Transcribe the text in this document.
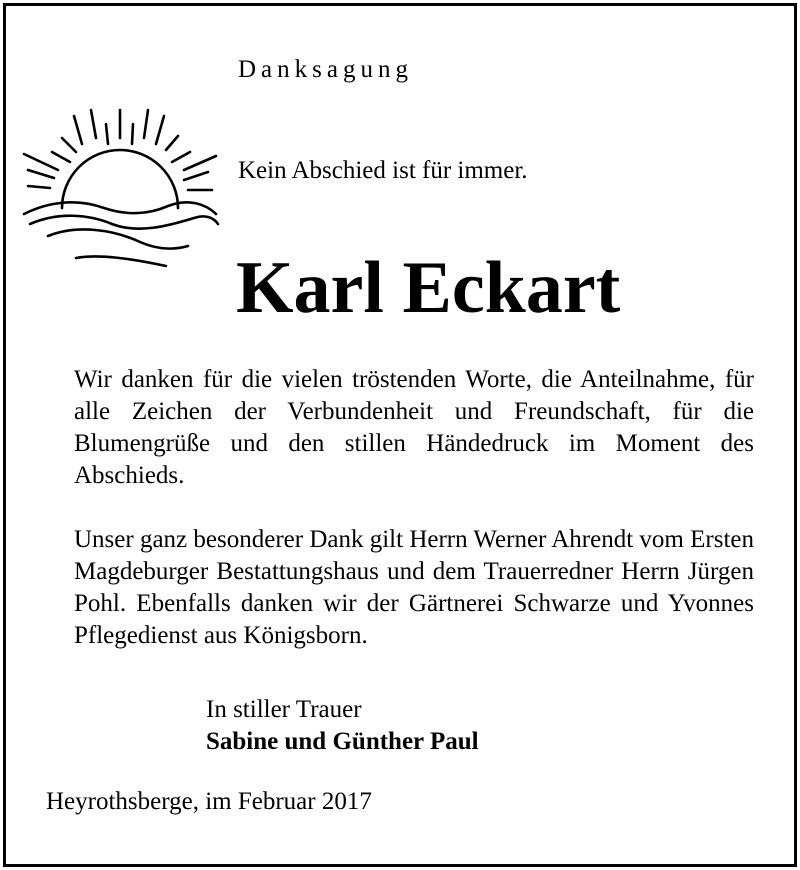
Danksagung
Kein Abschied ist für immer.
Karl Eckart
Wir danken für die vielen tröstenden Worte, die Anteilnahme, für alle Zeichen der Verbundenheit und Freundschaft, für die Blumengrüße und den stillen Händedruck im Moment des Abschieds.
Unser ganz besonderer Dank gilt Herrn Werner Ahrendt vom Ersten Magdeburger Bestattungshaus und dem Trauerredner Herrn Jürgen Pohl. Ebenfalls danken wir der Gärtnerei Schwarze und Yvonnes Pflegedienst aus Königsborn.
In stiller Trauer
Sabine und Günther Paul
Heyrothsberge, im Februar 2017
